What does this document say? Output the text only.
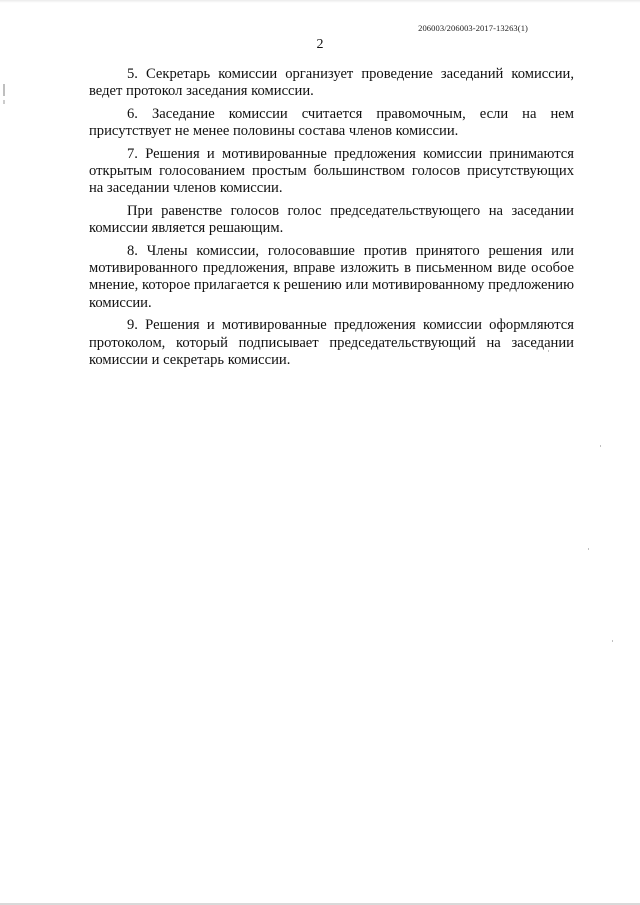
206003/206003-2017-13263(1)
2

5. Секретарь комиссии организует проведение заседаний комиссии, ведет протокол заседания комиссии.

6. Заседание комиссии считается правомочным, если на нем присутствует не менее половины состава членов комиссии.

7. Решения и мотивированные предложения комиссии принимаются открытым голосованием простым большинством голосов присутствующих на заседании членов комиссии.

При равенстве голосов голос председательствующего на заседании комиссии является решающим.

8. Члены комиссии, голосовавшие против принятого решения или мотивированного предложения, вправе изложить в письменном виде особое мнение, которое прилагается к решению или мотивированному предложению комиссии.

9. Решения и мотивированные предложения комиссии оформляются протоколом, который подписывает председательствующий на заседании комиссии и секретарь комиссии.
